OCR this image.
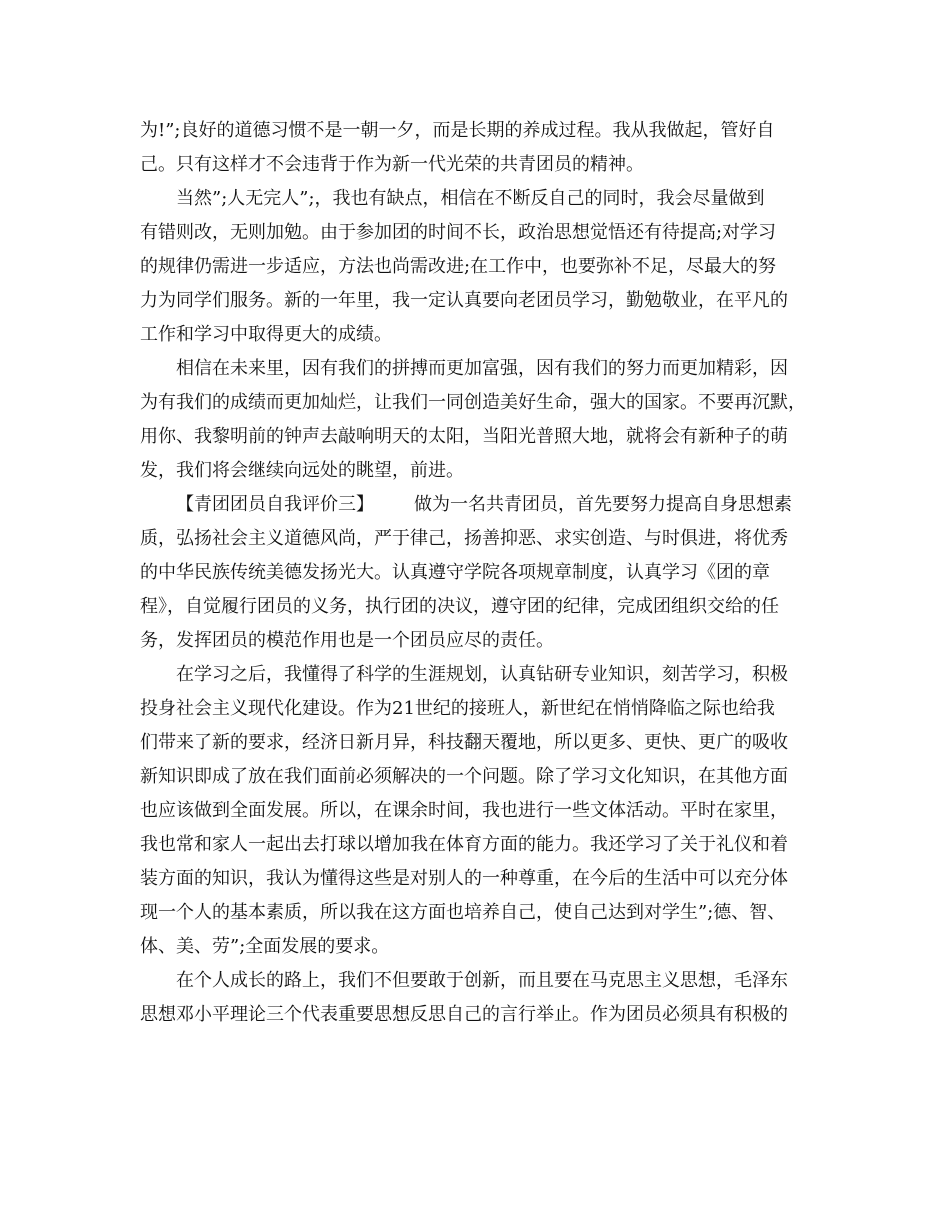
为!”;良好的道德习惯不是一朝一夕，而是长期的养成过程。我从我做起，管好自
己。只有这样才不会违背于作为新一代光荣的共青团员的精神。
当然”;人无完人”;，我也有缺点，相信在不断反自己的同时，我会尽量做到
有错则改，无则加勉。由于参加团的时间不长，政治思想觉悟还有待提高;对学习
的规律仍需进一步适应，方法也尚需改进;在工作中，也要弥补不足，尽最大的努
力为同学们服务。新的一年里，我一定认真要向老团员学习，勤勉敬业，在平凡的
工作和学习中取得更大的成绩。
相信在未来里，因有我们的拼搏而更加富强，因有我们的努力而更加精彩，因
为有我们的成绩而更加灿烂，让我们一同创造美好生命，强大的国家。不要再沉默，
用你、我黎明前的钟声去敲响明天的太阳，当阳光普照大地，就将会有新种子的萌
发，我们将会继续向远处的眺望，前进。
【青团团员自我评价三】 做为一名共青团员，首先要努力提高自身思想素
质，弘扬社会主义道德风尚，严于律己，扬善抑恶、求实创造、与时俱进，将优秀
的中华民族传统美德发扬光大。认真遵守学院各项规章制度，认真学习《团的章
程》，自觉履行团员的义务，执行团的决议，遵守团的纪律，完成团组织交给的任
务，发挥团员的模范作用也是一个团员应尽的责任。
在学习之后，我懂得了科学的生涯规划，认真钻研专业知识，刻苦学习，积极
投身社会主义现代化建设。作为21世纪的接班人，新世纪在悄悄降临之际也给我
们带来了新的要求，经济日新月异，科技翻天覆地，所以更多、更快、更广的吸收
新知识即成了放在我们面前必须解决的一个问题。除了学习文化知识，在其他方面
也应该做到全面发展。所以，在课余时间，我也进行一些文体活动。平时在家里，
我也常和家人一起出去打球以增加我在体育方面的能力。我还学习了关于礼仪和着
装方面的知识，我认为懂得这些是对别人的一种尊重，在今后的生活中可以充分体
现一个人的基本素质，所以我在这方面也培养自己，使自己达到对学生”;德、智、
体、美、劳”;全面发展的要求。
在个人成长的路上，我们不但要敢于创新，而且要在马克思主义思想，毛泽东
思想邓小平理论三个代表重要思想反思自己的言行举止。作为团员必须具有积极的
